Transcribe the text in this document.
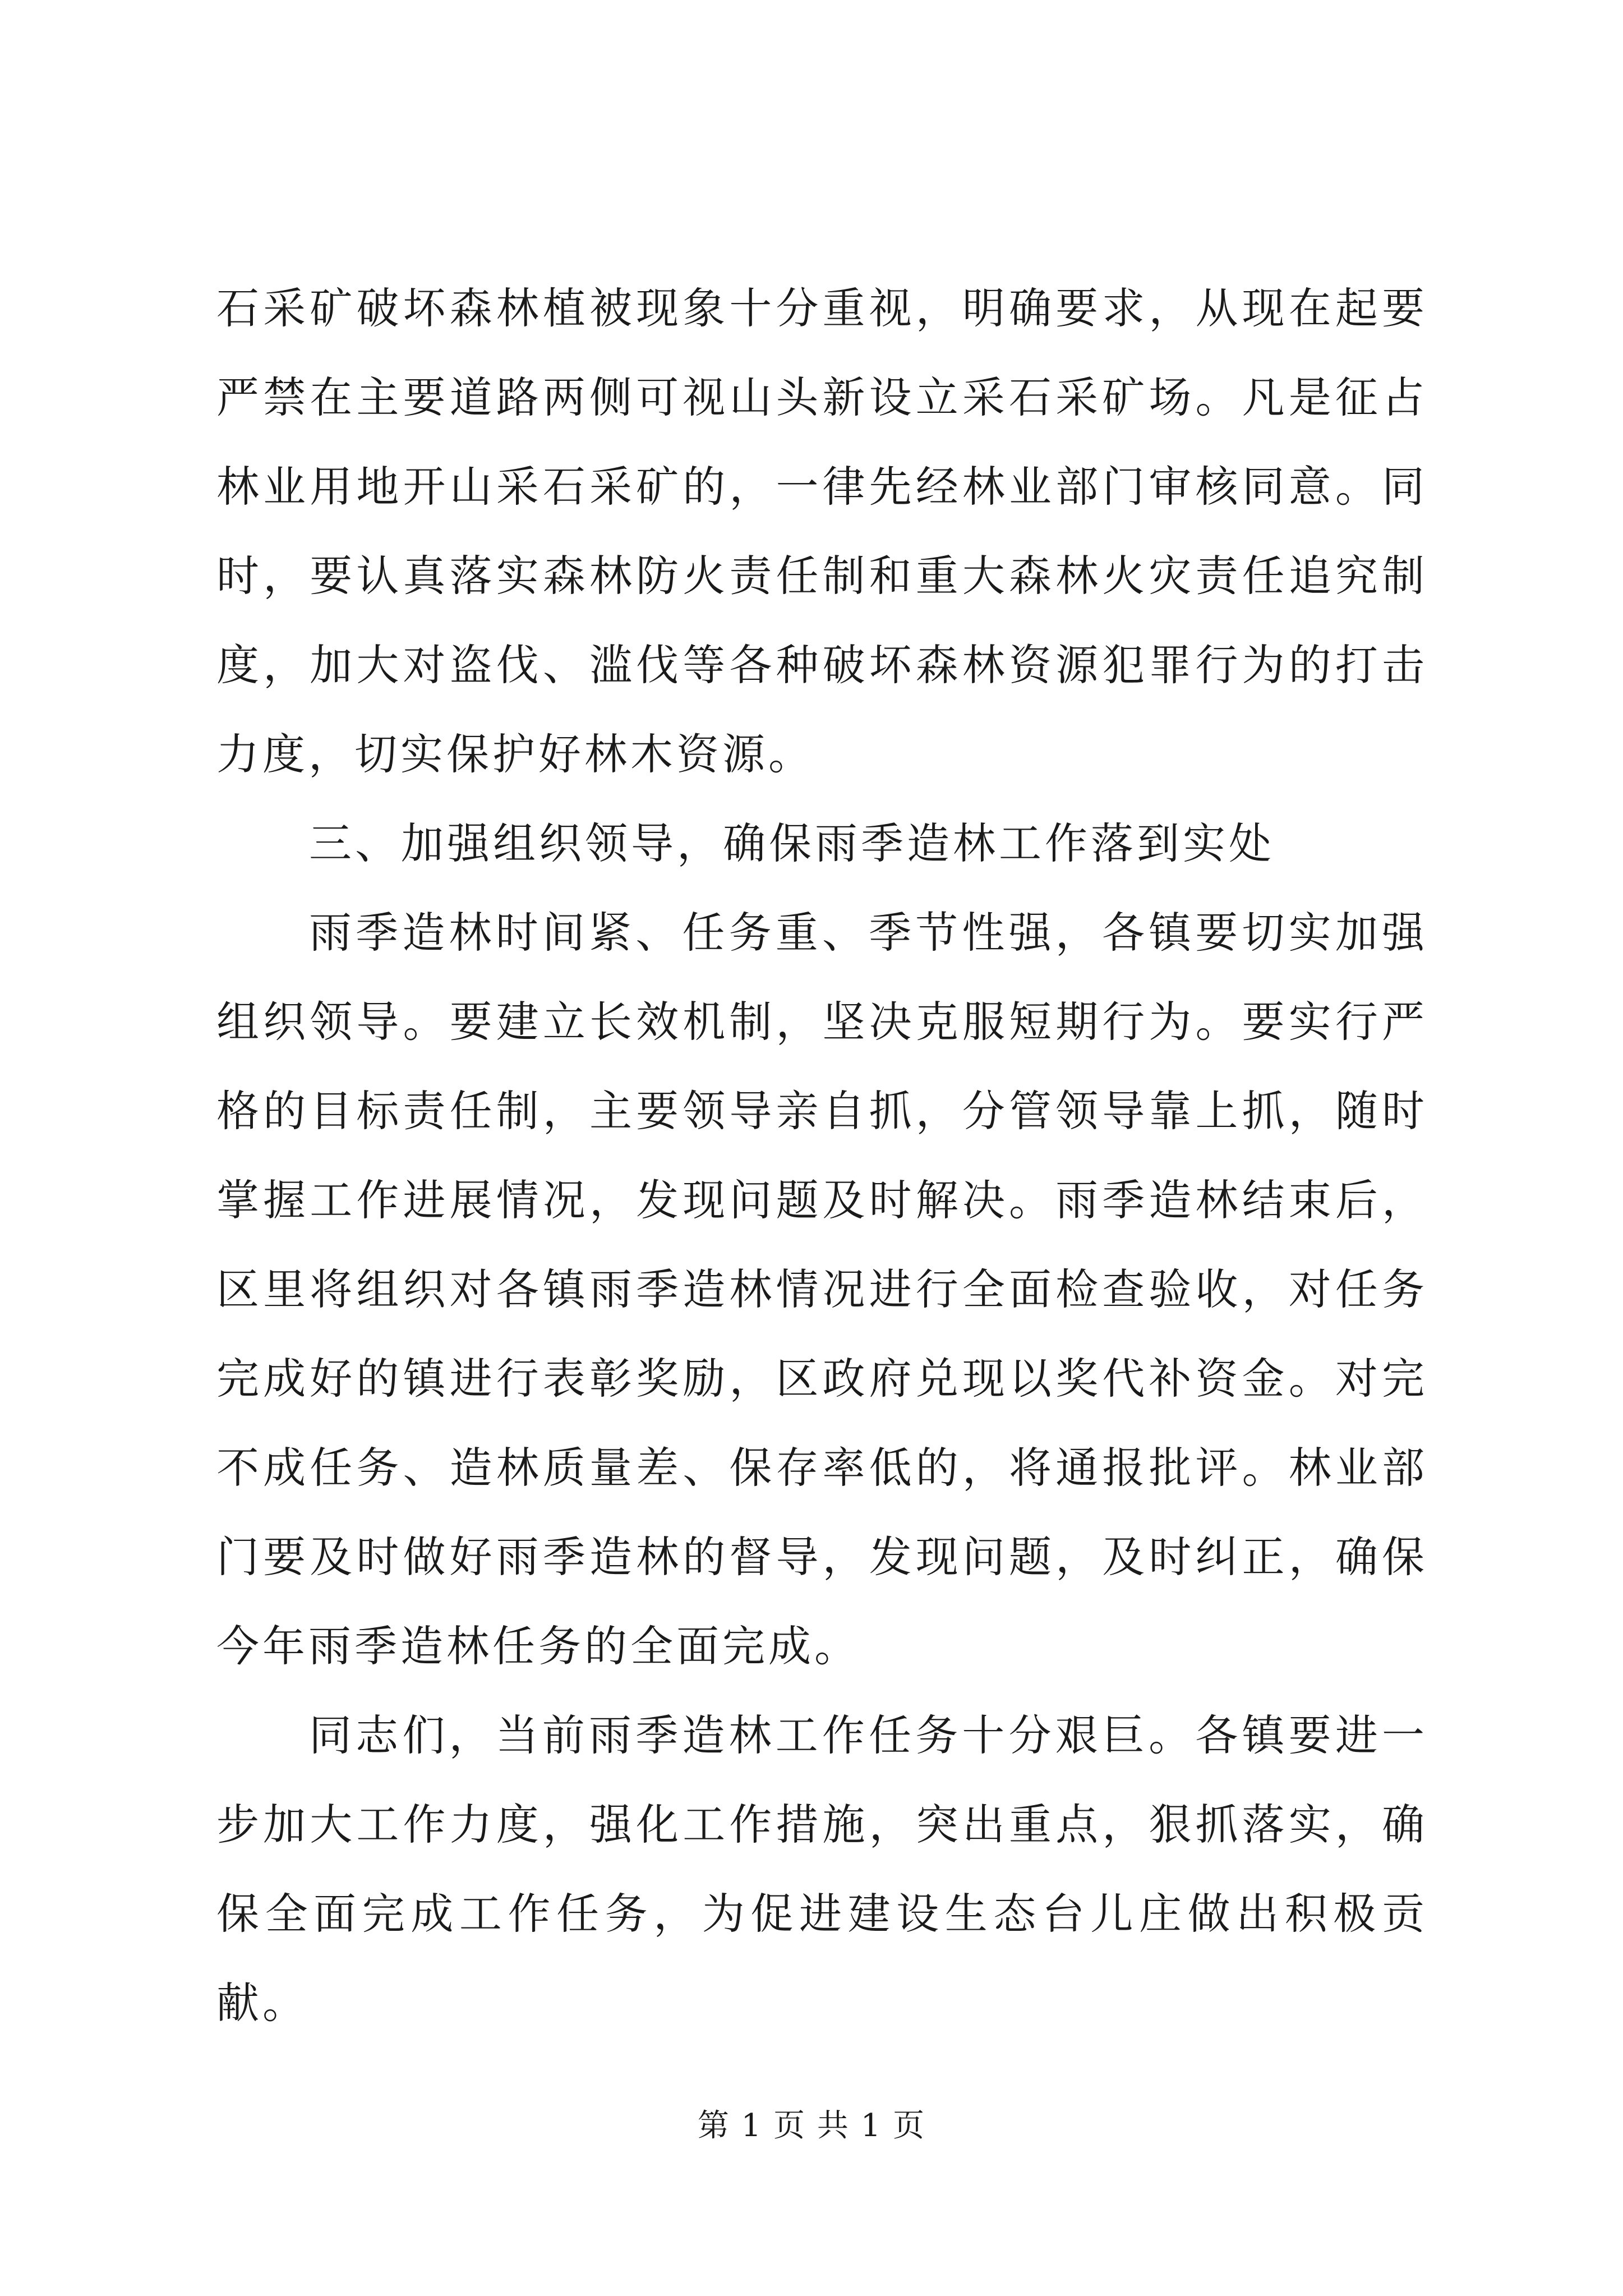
石采矿破坏森林植被现象十分重视，明确要求，从现在起要严禁在主要道路两侧可视山头新设立采石采矿场。凡是征占林业用地开山采石采矿的，一律先经林业部门审核同意。同时，要认真落实森林防火责任制和重大森林火灾责任追究制度，加大对盗伐、滥伐等各种破坏森林资源犯罪行为的打击力度，切实保护好林木资源。

三、加强组织领导，确保雨季造林工作落到实处

雨季造林时间紧、任务重、季节性强，各镇要切实加强组织领导。要建立长效机制，坚决克服短期行为。要实行严格的目标责任制，主要领导亲自抓，分管领导靠上抓，随时掌握工作进展情况，发现问题及时解决。雨季造林结束后，区里将组织对各镇雨季造林情况进行全面检查验收，对任务完成好的镇进行表彰奖励，区政府兑现以奖代补资金。对完不成任务、造林质量差、保存率低的，将通报批评。林业部门要及时做好雨季造林的督导，发现问题，及时纠正，确保今年雨季造林任务的全面完成。

同志们，当前雨季造林工作任务十分艰巨。各镇要进一步加大工作力度，强化工作措施，突出重点，狠抓落实，确保全面完成工作任务，为促进建设生态台儿庄做出积极贡献。

第 1 页 共 1 页
